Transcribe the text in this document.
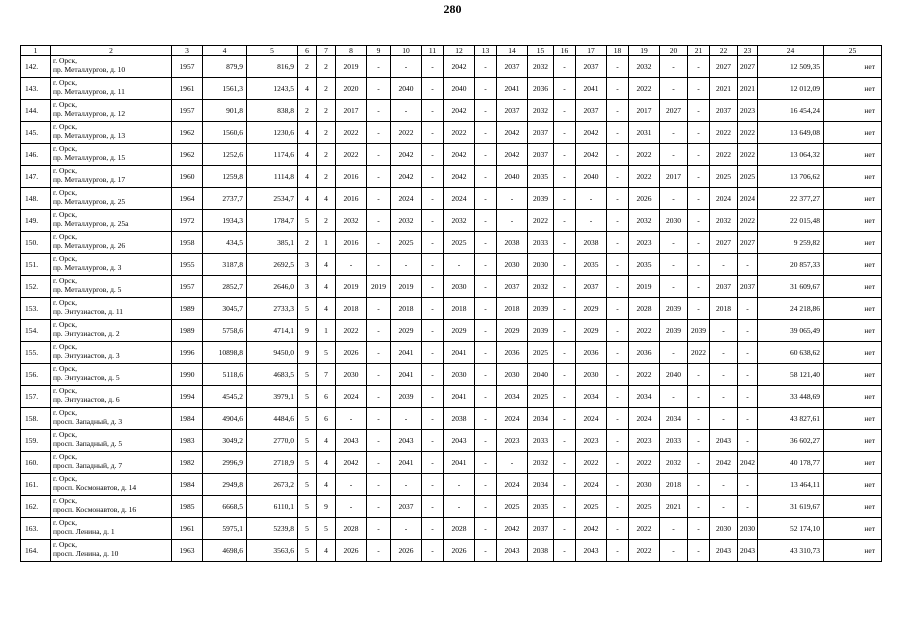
280
1	2	3	4	5	6	7	8	9	10	11	12	13	14	15	16	17	18	19	20	21	22	23	24	25
142.	г. Орск,
пр. Металлургов, д. 10	1957	879,9	816,9	2	2	2019	-	-	-	2042	-	2037	2032	-	2037	-	2032	-	-	2027	2027	12 509,35	нет
143.	г. Орск,
пр. Металлургов, д. 11	1961	1561,3	1243,5	4	2	2020	-	2040	-	2040	-	2041	2036	-	2041	-	2022	-	-	2021	2021	12 012,09	нет
144.	г. Орск,
пр. Металлургов, д. 12	1957	901,8	838,8	2	2	2017	-	-	-	2042	-	2037	2032	-	2037	-	2017	2027	-	2037	2023	16 454,24	нет
145.	г. Орск,
пр. Металлургов, д. 13	1962	1560,6	1230,6	4	2	2022	-	2022	-	2022	-	2042	2037	-	2042	-	2031	-	-	2022	2022	13 649,08	нет
146.	г. Орск,
пр. Металлургов, д. 15	1962	1252,6	1174,6	4	2	2022	-	2042	-	2042	-	2042	2037	-	2042	-	2022	-	-	2022	2022	13 064,32	нет
147.	г. Орск,
пр. Металлургов, д. 17	1960	1259,8	1114,8	4	2	2016	-	2042	-	2042	-	2040	2035	-	2040	-	2022	2017	-	2025	2025	13 706,62	нет
148.	г. Орск,
пр. Металлургов, д. 25	1964	2737,7	2534,7	4	4	2016	-	2024	-	2024	-	-	2039	-	-	-	2026	-	-	2024	2024	22 377,27	нет
149.	г. Орск,
пр. Металлургов, д. 25а	1972	1934,3	1784,7	5	2	2032	-	2032	-	2032	-	-	2022	-	-	-	2032	2030	-	2032	2022	22 015,48	нет
150.	г. Орск,
пр. Металлургов, д. 26	1958	434,5	385,1	2	1	2016	-	2025	-	2025	-	2038	2033	-	2038	-	2023	-	-	2027	2027	9 259,82	нет
151.	г. Орск,
пр. Металлургов, д. 3	1955	3187,8	2692,5	3	4	-	-	-	-	-	-	2030	2030	-	2035	-	2035	-	-	-	-	20 857,33	нет
152.	г. Орск,
пр. Металлургов, д. 5	1957	2852,7	2646,0	3	4	2019	2019	2019	-	2030	-	2037	2032	-	2037	-	2019	-	-	2037	2037	31 609,67	нет
153.	г. Орск,
пр. Энтузиастов, д. 11	1989	3045,7	2733,3	5	4	2018	-	2018	-	2018	-	2018	2039	-	2029	-	2028	2039	-	2018	-	24 218,86	нет
154.	г. Орск,
пр. Энтузиастов, д. 2	1989	5758,6	4714,1	9	1	2022	-	2029	-	2029	-	2029	2039	-	2029	-	2022	2039	2039	-	-	39 065,49	нет
155.	г. Орск,
пр. Энтузиастов, д. 3	1996	10898,8	9450,0	9	5	2026	-	2041	-	2041	-	2036	2025	-	2036	-	2036	-	2022	-	-	60 638,62	нет
156.	г. Орск,
пр. Энтузиастов, д. 5	1990	5118,6	4683,5	5	7	2030	-	2041	-	2030	-	2030	2040	-	2030	-	2022	2040	-	-	-	58 121,40	нет
157.	г. Орск,
пр. Энтузиастов, д. 6	1994	4545,2	3979,1	5	6	2024	-	2039	-	2041	-	2034	2025	-	2034	-	2034	-	-	-	-	33 448,69	нет
158.	г. Орск,
просп. Западный, д. 3	1984	4904,6	4484,6	5	6	-	-	-	-	2038	-	2024	2034	-	2024	-	2024	2034	-	-	-	43 827,61	нет
159.	г. Орск,
просп. Западный, д. 5	1983	3049,2	2770,0	5	4	2043	-	2043	-	2043	-	2023	2033	-	2023	-	2023	2033	-	2043	-	36 602,27	нет
160.	г. Орск,
просп. Западный, д. 7	1982	2996,9	2718,9	5	4	2042	-	2041	-	2041	-	-	2032	-	2022	-	2022	2032	-	2042	2042	40 178,77	нет
161.	г. Орск,
просп. Космонавтов, д. 14	1984	2949,8	2673,2	5	4	-	-	-	-	-	-	2024	2034	-	2024	-	2030	2018	-	-	-	13 464,11	нет
162.	г. Орск,
просп. Космонавтов, д. 16	1985	6668,5	6110,1	5	9	-	-	2037	-	-	-	2025	2035	-	2025	-	2025	2021	-	-	-	31 619,67	нет
163.	г. Орск,
просп. Ленина, д. 1	1961	5975,1	5239,8	5	5	2028	-	-	-	2028	-	2042	2037	-	2042	-	2022	-	-	2030	2030	52 174,10	нет
164.	г. Орск,
просп. Ленина, д. 10	1963	4698,6	3563,6	5	4	2026	-	2026	-	2026	-	2043	2038	-	2043	-	2022	-	-	2043	2043	43 310,73	нет
